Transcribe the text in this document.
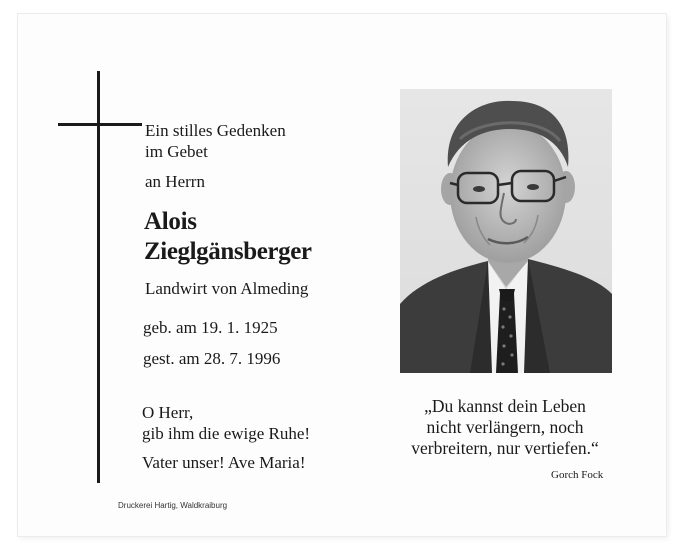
Ein stilles Gedenken
im Gebet
an Herrn
Alois
Zieglgänsberger
Landwirt von Almeding
geb. am 19. 1. 1925
gest. am 28. 7. 1996
O Herr,
gib ihm die ewige Ruhe!
Vater unser! Ave Maria!
Druckerei Hartig, Waldkraiburg
„Du kannst dein Leben
nicht verlängern, noch
verbreitern, nur vertiefen.“
Gorch Fock
